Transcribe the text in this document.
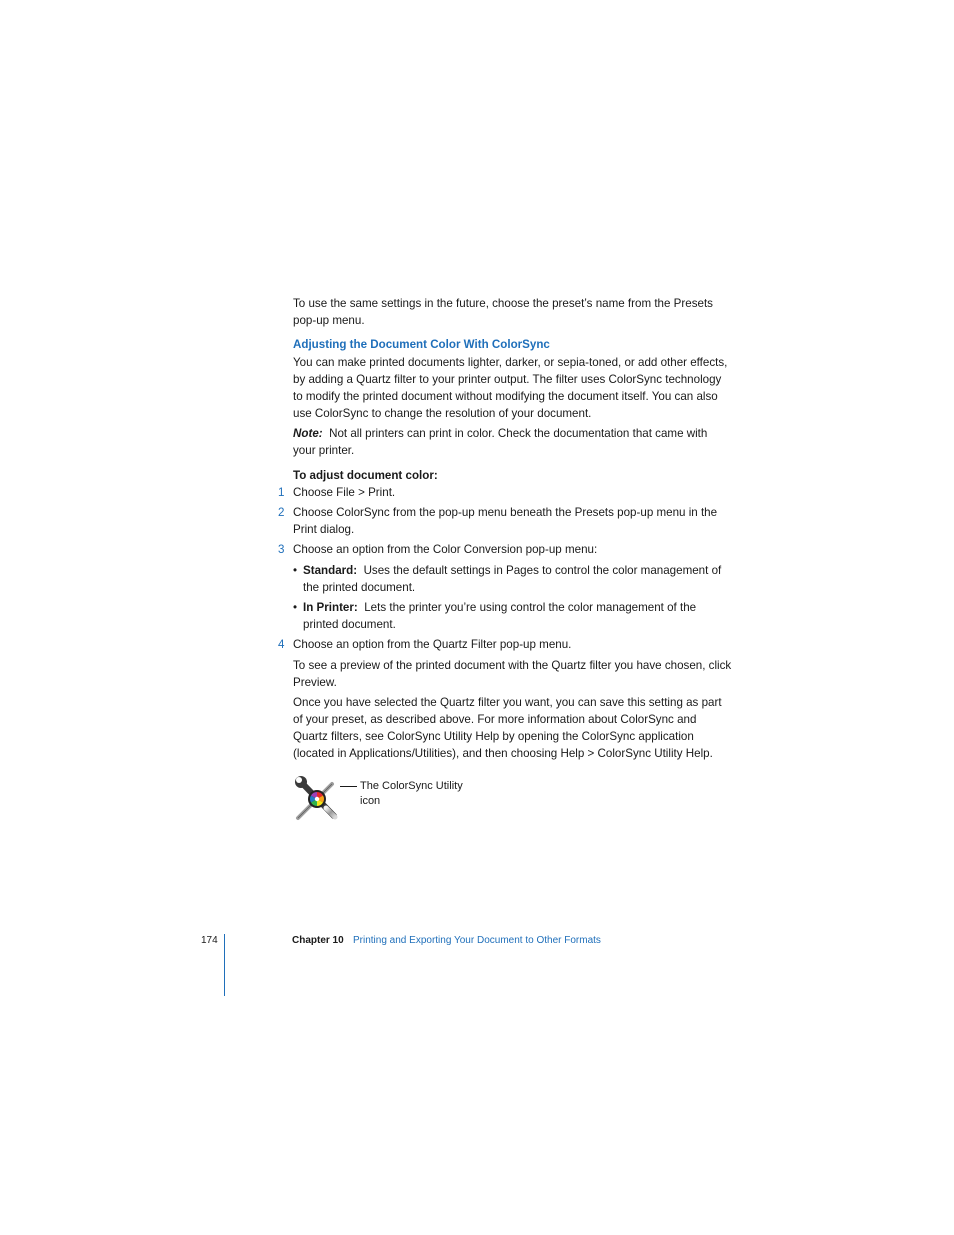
To use the same settings in the future, choose the preset’s name from the Presets pop-up menu.

Adjusting the Document Color With ColorSync

You can make printed documents lighter, darker, or sepia-toned, or add other effects, by adding a Quartz filter to your printer output. The filter uses ColorSync technology to modify the printed document without modifying the document itself. You can also use ColorSync to change the resolution of your document.

Note: Not all printers can print in color. Check the documentation that came with your printer.

To adjust document color:

1 Choose File > Print.

2 Choose ColorSync from the pop-up menu beneath the Presets pop-up menu in the Print dialog.

3 Choose an option from the Color Conversion pop-up menu:

• Standard: Uses the default settings in Pages to control the color management of the printed document.

• In Printer: Lets the printer you’re using control the color management of the printed document.

4 Choose an option from the Quartz Filter pop-up menu.

To see a preview of the printed document with the Quartz filter you have chosen, click Preview.

Once you have selected the Quartz filter you want, you can save this setting as part of your preset, as described above. For more information about ColorSync and Quartz filters, see ColorSync Utility Help by opening the ColorSync application (located in Applications/Utilities), and then choosing Help > ColorSync Utility Help.

The ColorSync Utility icon
174	Chapter 10 Printing and Exporting Your Document to Other Formats
